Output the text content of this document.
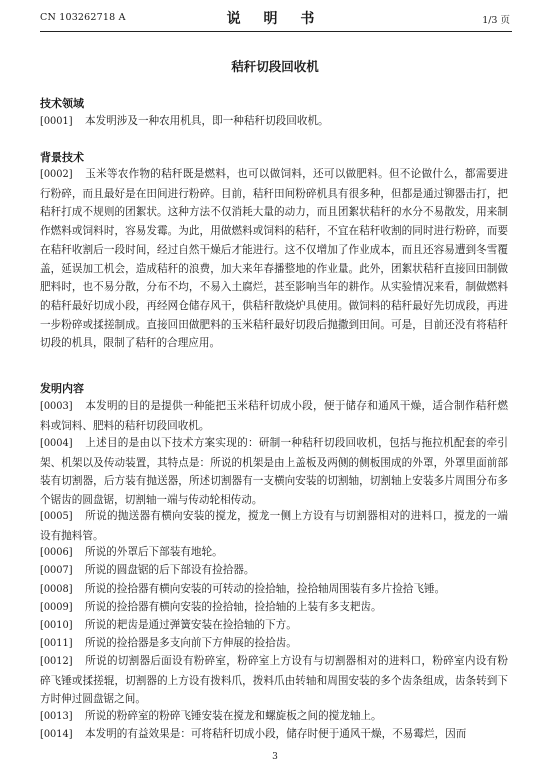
CN 103262718 A	说 明 书	1/3 页
秸秆切段回收机
技术领域
[0001] 本发明涉及一种农用机具，即一种秸秆切段回收机。
背景技术
[0002] 玉米等农作物的秸秆既是燃料，也可以做饲料，还可以做肥料。但不论做什么，都需要进行粉碎，而且最好是在田间进行粉碎。目前，秸秆田间粉碎机具有很多种，但都是通过铆器击打，把秸秆打成不规则的团絮状。这种方法不仅消耗大量的动力，而且团絮状秸秆的水分不易散发，用来制作燃料或饲料时，容易发霉。为此，用做燃料或饲料的秸秆，不宜在秸秆收割的同时进行粉碎，而要在秸秆收割后一段时间，经过自然干燥后才能进行。这不仅增加了作业成本，而且还容易遭到冬雪覆盖，延误加工机会，造成秸秆的浪费，加大来年春播整地的作业量。此外，团絮状秸秆直接回田制做肥料时，也不易分散，分布不均，不易入土腐烂，甚至影响当年的耕作。从实验情况来看，制做燃料的秸秆最好切成小段，再经网仓储存风干，供秸秆散烧炉具使用。做饲料的秸秆最好先切成段，再进一步粉碎或揉搓制成。直接回田做肥料的玉米秸秆最好切段后抛撒到田间。可是，目前还没有将秸秆切段的机具，限制了秸秆的合理应用。
发明内容
[0003] 本发明的目的是提供一种能把玉米秸秆切成小段，便于储存和通风干燥，适合制作秸秆燃料或饲料、肥料的秸秆切段回收机。
[0004] 上述目的是由以下技术方案实现的：研制一种秸秆切段回收机，包括与拖拉机配套的牵引架、机架以及传动装置，其特点是：所说的机架是由上盖板及两侧的侧板围成的外罩，外罩里面前部装有切割器，后方装有抛送器，所述切割器有一支横向安装的切割轴，切割轴上安装多片周围分布多个锯齿的圆盘锯，切割轴一端与传动轮相传动。
[0005] 所说的抛送器有横向安装的搅龙，搅龙一侧上方设有与切割器相对的进料口，搅龙的一端设有抛料管。
[0006] 所说的外罩后下部装有地轮。
[0007] 所说的圆盘锯的后下部设有捡拾器。
[0008] 所说的捡拾器有横向安装的可转动的捡拾轴，捡拾轴周围装有多片捡拾飞锤。
[0009] 所说的捡拾器有横向安装的捡拾轴，捡拾轴的上装有多支耙齿。
[0010] 所说的耙齿是通过弹簧安装在捡拾轴的下方。
[0011] 所说的捡拾器是多支向前下方伸展的捡拾齿。
[0012] 所说的切割器后面设有粉碎室，粉碎室上方设有与切割器相对的进料口，粉碎室内设有粉碎飞锤或揉搓辊，切割器的上方设有拨料爪，拨料爪由转轴和周围安装的多个齿条组成，齿条转到下方时伸过圆盘锯之间。
[0013] 所说的粉碎室的粉碎飞锤安装在搅龙和螺旋板之间的搅龙轴上。
[0014] 本发明的有益效果是：可将秸秆切成小段，储存时便于通风干燥，不易霉烂，因而
3
